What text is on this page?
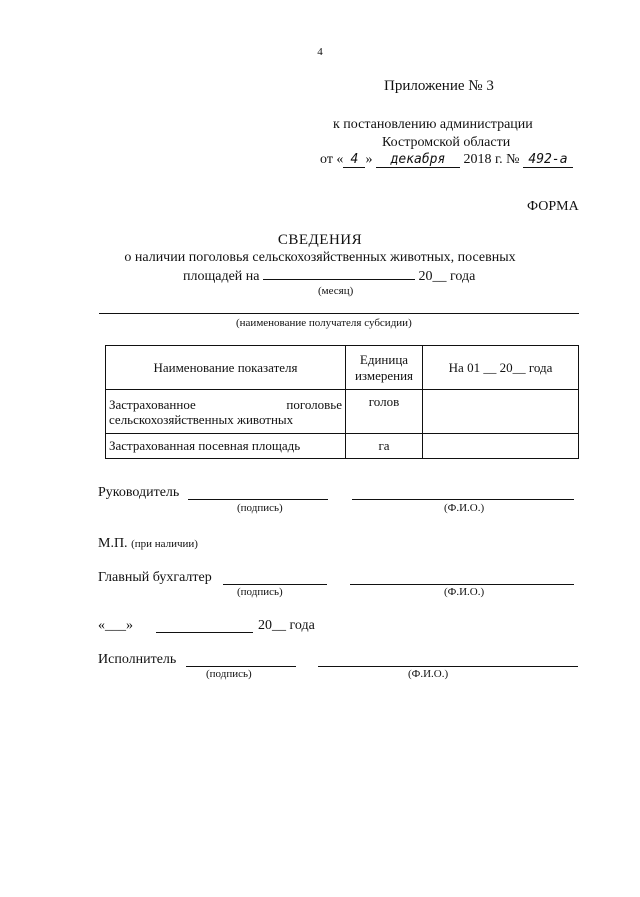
4
Приложение № 3
к постановлению администрации
Костромской области
от « 4 » декабря 2018 г. № 492-а
ФОРМА
СВЕДЕНИЯ
о наличии поголовья сельскохозяйственных животных, посевных
площадей на	20__ года
(месяц)
(наименование получателя субсидии)
Наименование показателя	Единица измерения	На 01 __ 20__ года
Застрахованное поголовье сельскохозяйственных животных	голов	
Застрахованная посевная площадь	га	
Руководитель
(подпись)	(Ф.И.О.)
М.П. (при наличии)
Главный бухгалтер
(подпись)	(Ф.И.О.)
«___»	20__ года
Исполнитель
(подпись)	(Ф.И.О.)
